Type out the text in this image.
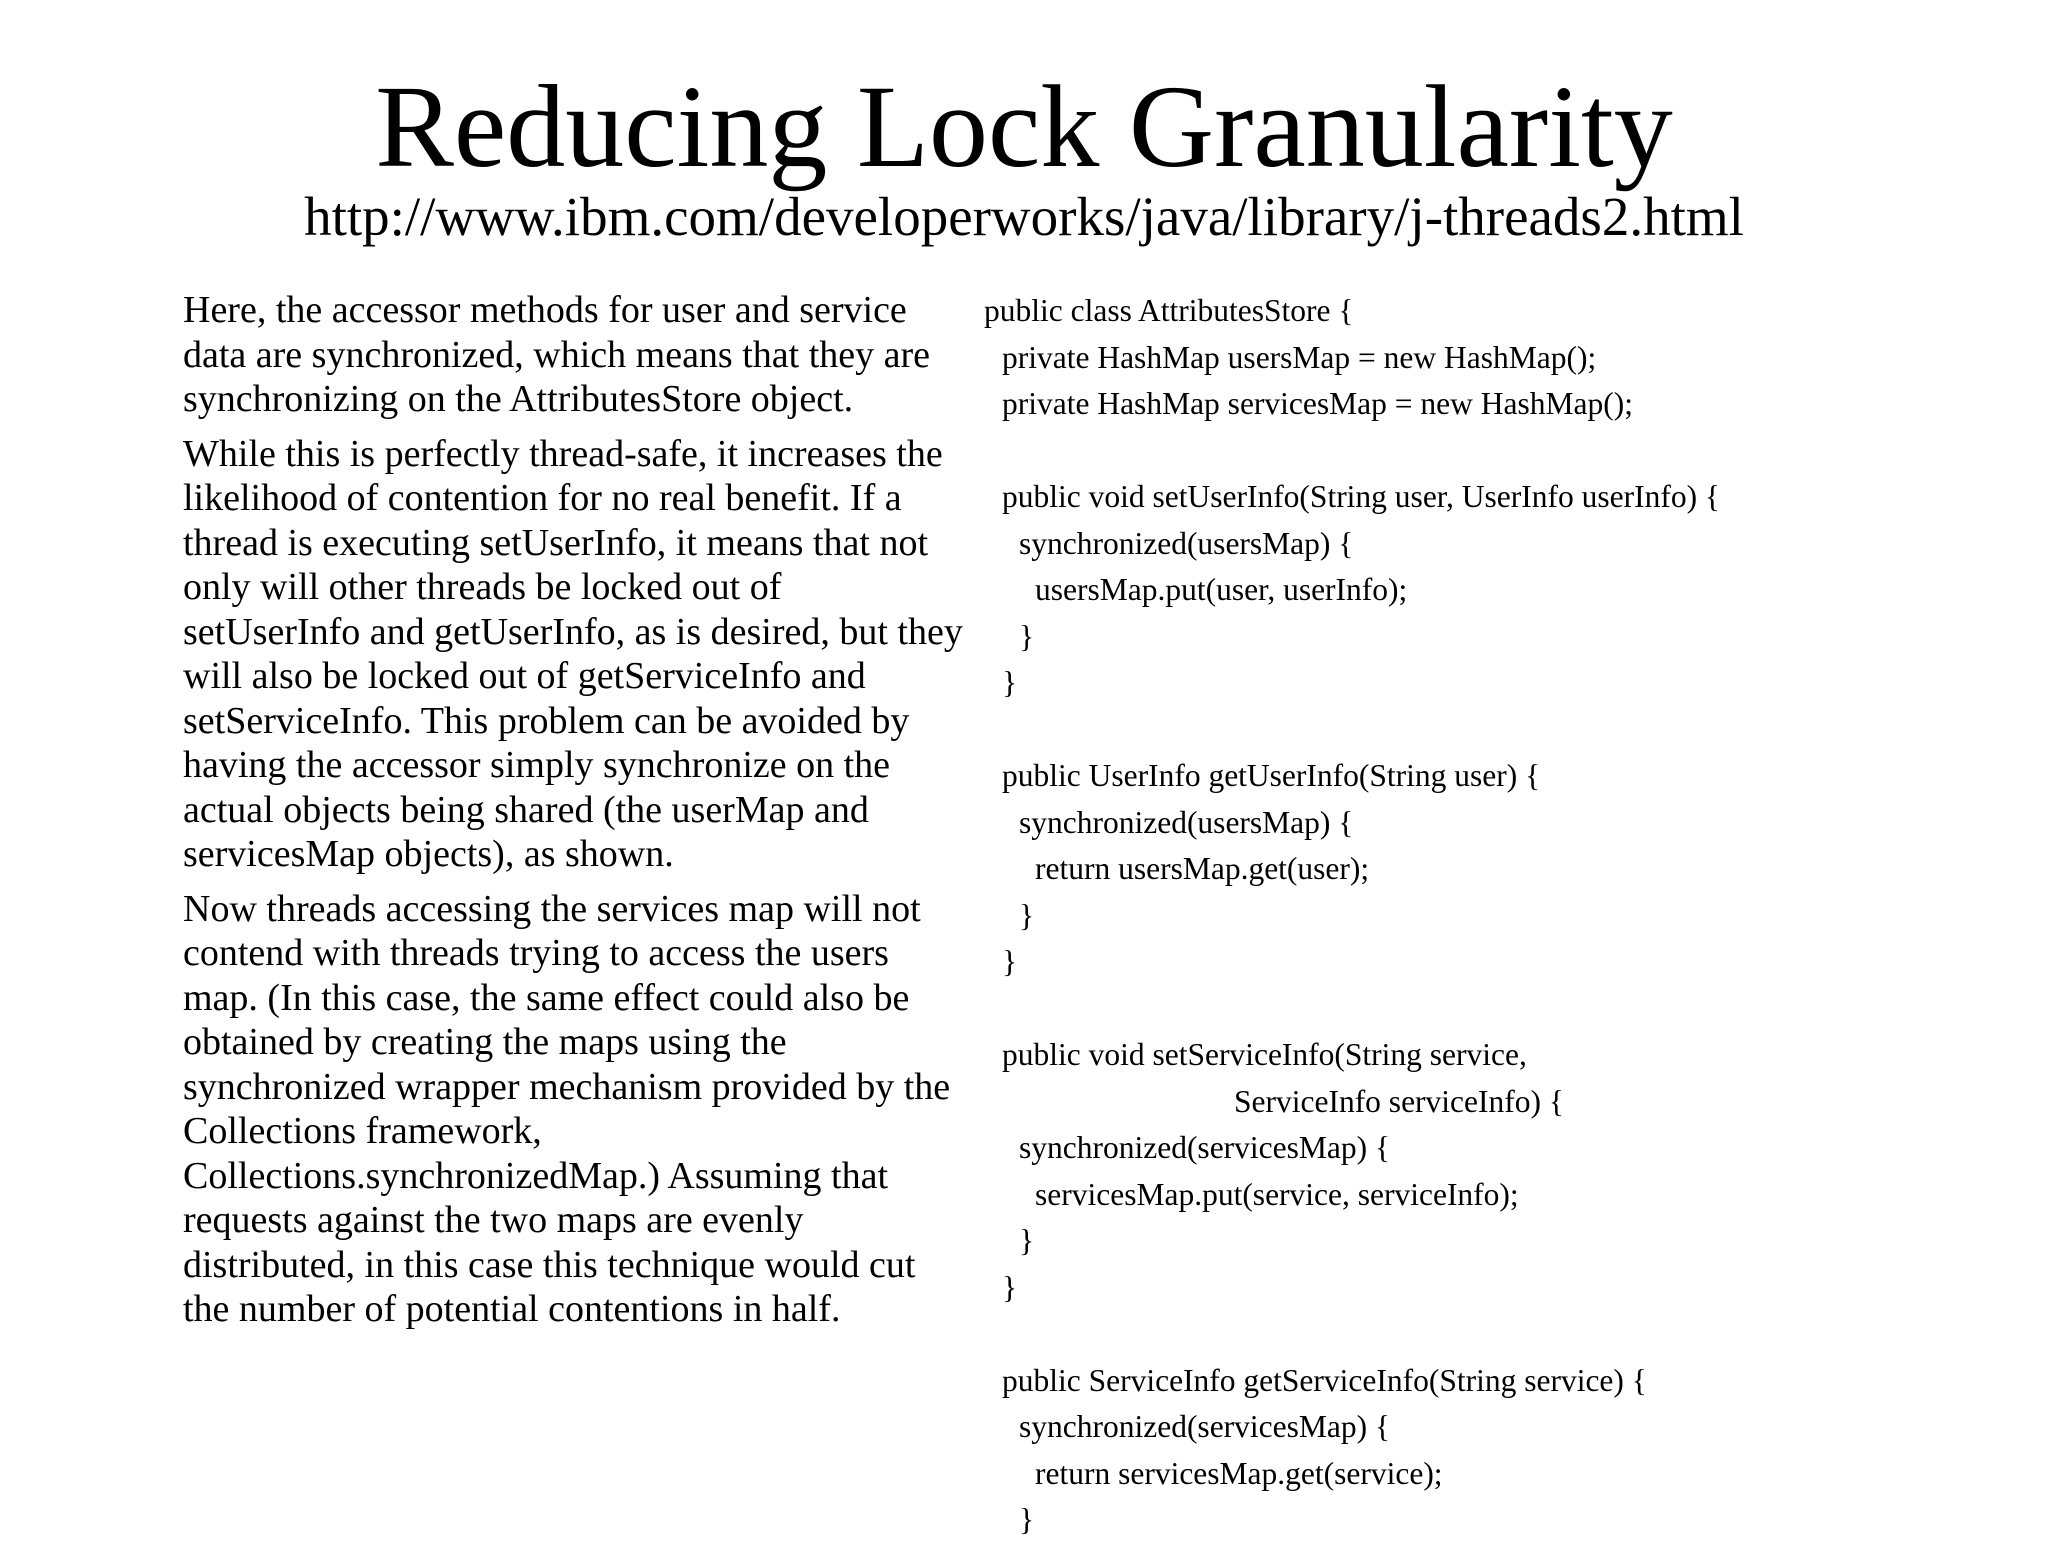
Reducing Lock Granularity
http://www.ibm.com/developerworks/java/library/j-threads2.html

Here, the accessor methods for user and service data are synchronized, which means that they are synchronizing on the AttributesStore object.

While this is perfectly thread-safe, it increases the likelihood of contention for no real benefit. If a thread is executing setUserInfo, it means that not only will other threads be locked out of setUserInfo and getUserInfo, as is desired, but they will also be locked out of getServiceInfo and setServiceInfo. This problem can be avoided by having the accessor simply synchronize on the actual objects being shared (the userMap and servicesMap objects), as shown.

Now threads accessing the services map will not contend with threads trying to access the users map. (In this case, the same effect could also be obtained by creating the maps using the synchronized wrapper mechanism provided by the Collections framework, Collections.synchronizedMap.) Assuming that requests against the two maps are evenly distributed, in this case this technique would cut the number of potential contentions in half.

public class AttributesStore {
private HashMap usersMap = new HashMap();
private HashMap servicesMap = new HashMap();
public void setUserInfo(String user, UserInfo userInfo) {
synchronized(usersMap) {
usersMap.put(user, userInfo);
}
}
public UserInfo getUserInfo(String user) {
synchronized(usersMap) {
return usersMap.get(user);
}
}
public void setServiceInfo(String service,
ServiceInfo serviceInfo) {
synchronized(servicesMap) {
servicesMap.put(service, serviceInfo);
}
}
public ServiceInfo getServiceInfo(String service) {
synchronized(servicesMap) {
return servicesMap.get(service);
}
